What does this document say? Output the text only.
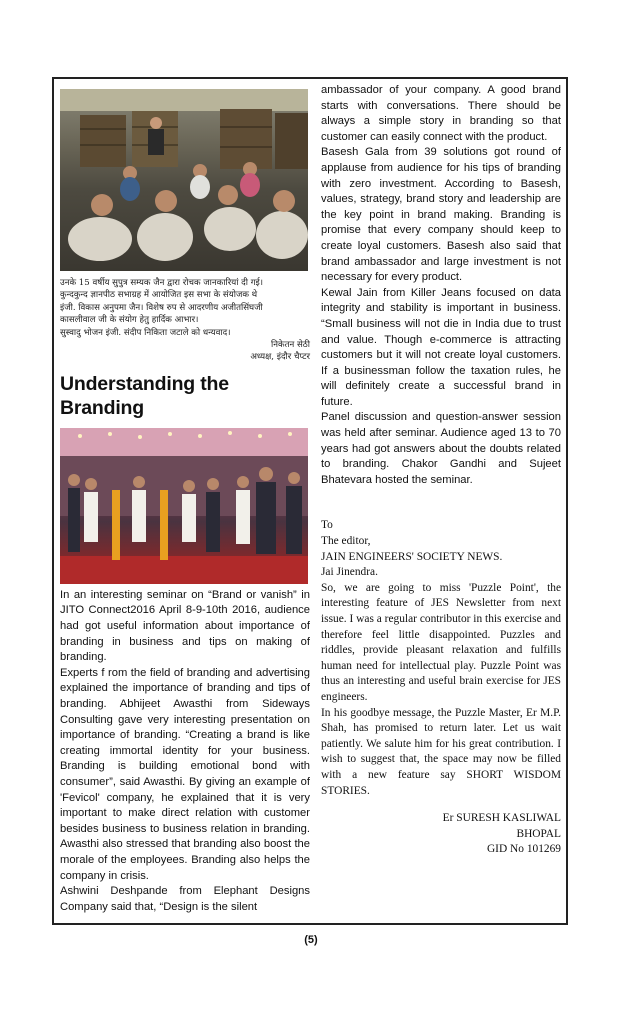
उनके 15 वर्षीय सुपुत्र सम्यक जैन द्वारा रोचक जानकारियां दी गई।

कुन्दकुन्द ज्ञानपीठ सभाग्रह में आयोजित इस सभा के संयोजक थे

इंजी. विकास अनुपमा जैन। विशेष रुप से आदरणीय अजीतसिंघजी

कासलीवाल जी के संयोग हेतु हार्दिक आभार।

सुस्वादु भोजन इंजी. संदीप निकिता जटाले को धन्यवाद।

निकेतन सेठी
अध्यक्ष, इंदौर चैप्टर
Understanding the Branding

In an interesting seminar on “Brand or vanish” in JITO Connect2016 April 8-9-10th 2016, audience had got useful information about importance of branding in business and tips on making of branding.

Experts f rom the field of branding and advertising explained the importance of branding and tips of branding. Abhijeet Awasthi from Sideways Consulting gave very interesting presentation on importance of branding. “Creating a brand is like creating immortal identity for your business. Branding is building emotional bond with consumer”, said Awasthi. By giving an example of 'Fevicol' company, he explained that it is very important to make direct relation with customer besides business to business relation in branding. Awasthi also stressed that branding also boost the morale of the employees. Branding also helps the company in crisis.

Ashwini Deshpande from Elephant Designs Company said that, “Design is the silent

ambassador of your company. A good brand starts with conversations. There should be always a simple story in branding so that customer can easily connect with the product.

Basesh Gala from 39 solutions got round of applause from audience for his tips of branding with zero investment. According to Basesh, values, strategy, brand story and leadership are the key point in brand making. Branding is promise that every company should keep to create loyal customers. Basesh also said that brand ambassador and large investment is not necessary for every product.

Kewal Jain from Killer Jeans focused on data integrity and stability is important in business. “Small business will not die in India due to trust and value. Though e-commerce is attracting customers but it will not create loyal customers. If a businessman follow the taxation rules, he will definitely create a successful brand in future.

Panel discussion and question-answer session was held after seminar. Audience aged 13 to 70 years had got answers about the doubts related to branding. Chakor Gandhi and Sujeet Bhatevara hosted the seminar.

To

The editor,

JAIN ENGINEERS' SOCIETY NEWS.

Jai Jinendra.

So, we are going to miss 'Puzzle Point', the interesting feature of JES Newsletter from next issue. I was a regular contributor in this exercise and therefore feel little disappointed. Puzzles and riddles, provide pleasant relaxation and fulfills human need for intellectual play. Puzzle Point was thus an interesting and useful brain exercise for JES engineers.

In his goodbye message, the Puzzle Master, Er M.P. Shah, has promised to return later. Let us wait patiently. We salute him for his great contribution. I wish to suggest that, the space may now be filled with a new feature say SHORT WISDOM STORIES.

Er SURESH KASLIWAL
BHOPAL
GID No 101269
(5)
